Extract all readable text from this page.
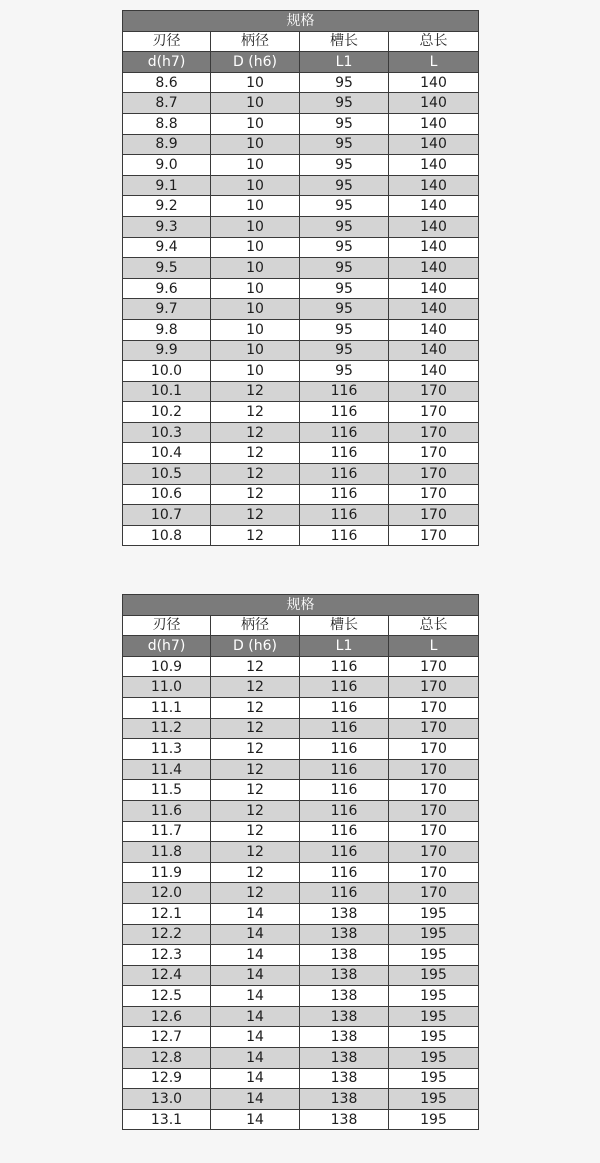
规格			
刃径	柄径	槽长	总长
d(h7)	D (h6)	L1	L
8.6	10	95	140
8.7	10	95	140
8.8	10	95	140
8.9	10	95	140
9.0	10	95	140
9.1	10	95	140
9.2	10	95	140
9.3	10	95	140
9.4	10	95	140
9.5	10	95	140
9.6	10	95	140
9.7	10	95	140
9.8	10	95	140
9.9	10	95	140
10.0	10	95	140
10.1	12	116	170
10.2	12	116	170
10.3	12	116	170
10.4	12	116	170
10.5	12	116	170
10.6	12	116	170
10.7	12	116	170
10.8	12	116	170
规格			
刃径	柄径	槽长	总长
d(h7)	D (h6)	L1	L
10.9	12	116	170
11.0	12	116	170
11.1	12	116	170
11.2	12	116	170
11.3	12	116	170
11.4	12	116	170
11.5	12	116	170
11.6	12	116	170
11.7	12	116	170
11.8	12	116	170
11.9	12	116	170
12.0	12	116	170
12.1	14	138	195
12.2	14	138	195
12.3	14	138	195
12.4	14	138	195
12.5	14	138	195
12.6	14	138	195
12.7	14	138	195
12.8	14	138	195
12.9	14	138	195
13.0	14	138	195
13.1	14	138	195
